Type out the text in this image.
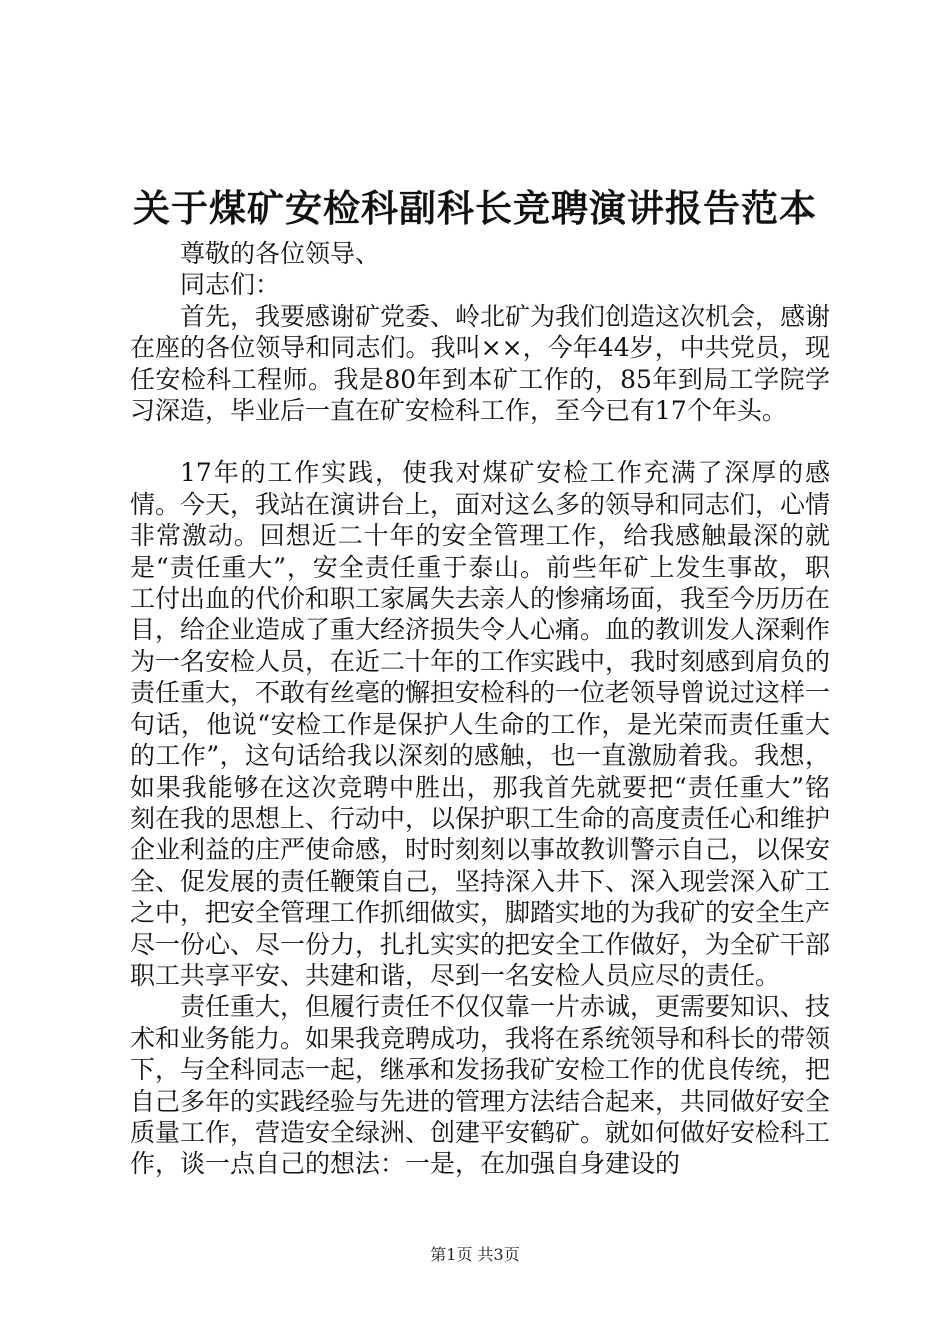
关于煤矿安检科副科长竞聘演讲报告范本

尊敬的各位领导、

同志们：

首先，我要感谢矿党委、岭北矿为我们创造这次机会，感谢在座的各位领导和同志们。我叫××，今年44岁，中共党员，现任安检科工程师。我是80年到本矿工作的，85年到局工学院学习深造，毕业后一直在矿安检科工作，至今已有17个年头。

17年的工作实践，使我对煤矿安检工作充满了深厚的感情。今天，我站在演讲台上，面对这么多的领导和同志们，心情非常激动。回想近二十年的安全管理工作，给我感触最深的就是“责任重大”，安全责任重于泰山。前些年矿上发生事故，职工付出血的代价和职工家属失去亲人的惨痛场面，我至今历历在目，给企业造成了重大经济损失令人心痛。血的教训发人深剩作为一名安检人员，在近二十年的工作实践中，我时刻感到肩负的责任重大，不敢有丝毫的懈担安检科的一位老领导曾说过这样一句话，他说“安检工作是保护人生命的工作，是光荣而责任重大的工作”，这句话给我以深刻的感触，也一直激励着我。我想，如果我能够在这次竞聘中胜出，那我首先就要把“责任重大”铭刻在我的思想上、行动中，以保护职工生命的高度责任心和维护企业利益的庄严使命感，时时刻刻以事故教训警示自己，以保安全、促发展的责任鞭策自己，坚持深入井下、深入现尝深入矿工之中，把安全管理工作抓细做实，脚踏实地的为我矿的安全生产尽一份心、尽一份力，扎扎实实的把安全工作做好，为全矿干部职工共享平安、共建和谐，尽到一名安检人员应尽的责任。

责任重大，但履行责任不仅仅靠一片赤诚，更需要知识、技术和业务能力。如果我竞聘成功，我将在系统领导和科长的带领下，与全科同志一起，继承和发扬我矿安检工作的优良传统，把自己多年的实践经验与先进的管理方法结合起来，共同做好安全质量工作，营造安全绿洲、创建平安鹤矿。就如何做好安检科工作，谈一点自己的想法：一是，在加强自身建设的

第1页 共3页
